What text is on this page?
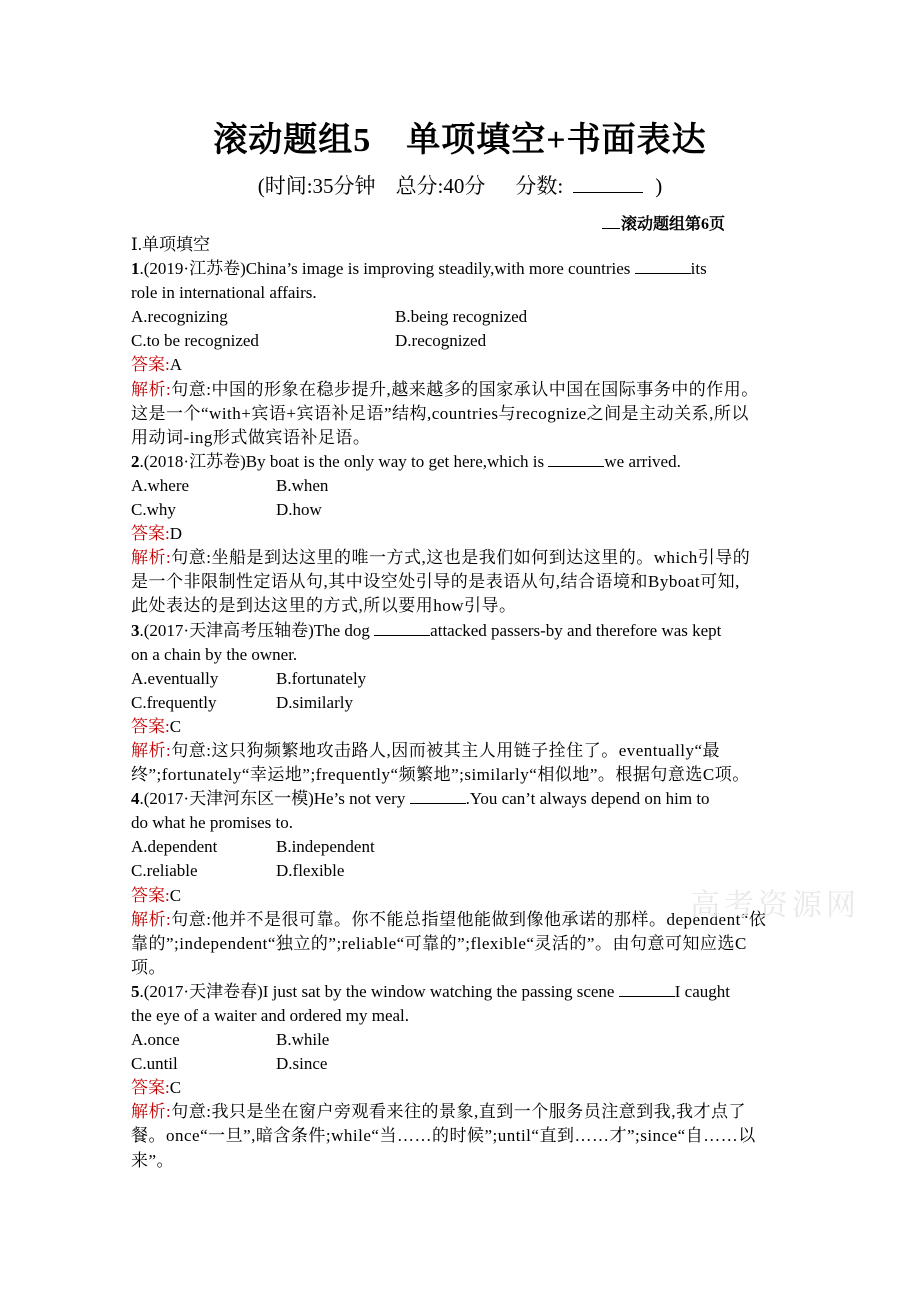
滚动题组5　单项填空+书面表达
(时间:35分钟 总分:40分 分数:	)
滚动题组第6页
Ⅰ.单项填空
1.(2019·江苏卷)China’s image is improving steadily,with more countries	its
role in international affairs.
A.recognizing	B.being recognized
C.to be recognized	D.recognized
答案:A
解析:句意:中国的形象在稳步提升,越来越多的国家承认中国在国际事务中的作用。
这是一个“with+宾语+宾语补足语”结构,countries与recognize之间是主动关系,所以
用动词-ing形式做宾语补足语。
2.(2018·江苏卷)By boat is the only way to get here,which is	we arrived.
A.where	B.when
C.why	D.how
答案:D
解析:句意:坐船是到达这里的唯一方式,这也是我们如何到达这里的。which引导的
是一个非限制性定语从句,其中设空处引导的是表语从句,结合语境和Byboat可知,
此处表达的是到达这里的方式,所以要用how引导。
3.(2017·天津高考压轴卷)The dog	attacked passers-by and therefore was kept
on a chain by the owner.
A.eventually	B.fortunately
C.frequently	D.similarly
答案:C
解析:句意:这只狗频繁地攻击路人,因而被其主人用链子拴住了。eventually“最
终”;fortunately“幸运地”;frequently“频繁地”;similarly“相似地”。根据句意选C项。
4.(2017·天津河东区一模)He’s not very	.You can’t always depend on him to
do what he promises to.
A.dependent	B.independent
C.reliable	D.flexible
答案:C
解析:句意:他并不是很可靠。你不能总指望他能做到像他承诺的那样。dependent“依
靠的”;independent“独立的”;reliable“可靠的”;flexible“灵活的”。由句意可知应选C
项。
5.(2017·天津卷春)I just sat by the window watching the passing scene	I caught
the eye of a waiter and ordered my meal.
A.once	B.while
C.until	D.since
答案:C
解析:句意:我只是坐在窗户旁观看来往的景象,直到一个服务员注意到我,我才点了
餐。once“一旦”,暗含条件;while“当……的时候”;until“直到……才”;since“自……以
来”。
高考资源网
